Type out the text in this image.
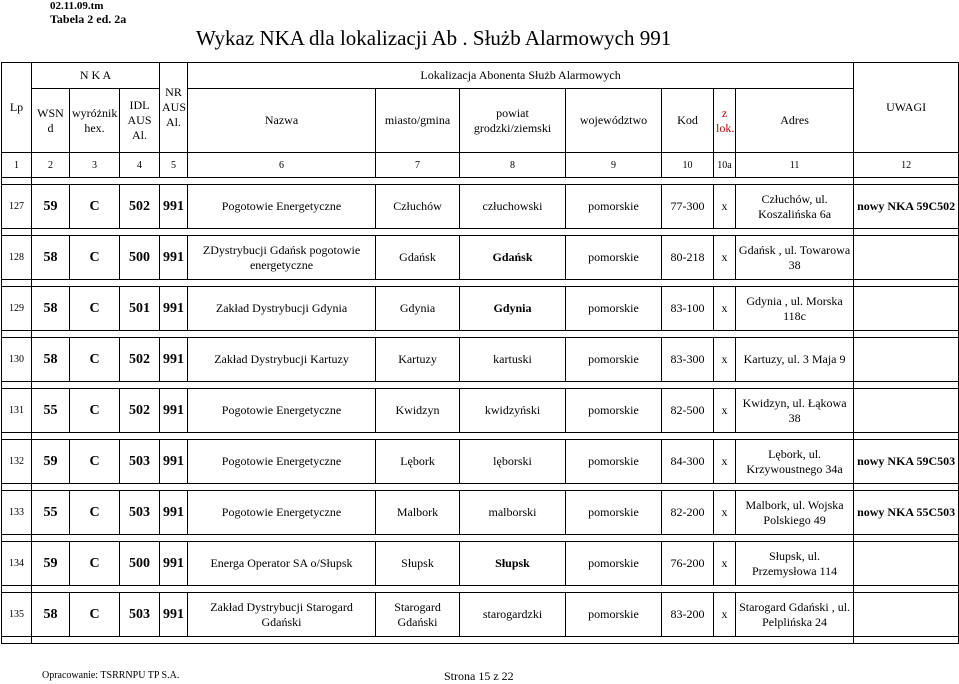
02.11.09.tm
Tabela 2 ed. 2a
Wykaz NKA dla lokalizacji Ab . Służb Alarmowych 991
Lp	N K A			NR AUS Al.	Lokalizacja Abonenta Służb Alarmowych							UWAGI
	WSN d	wyróżnik hex.	IDL AUS Al.		Nazwa	miasto/gmina	powiat grodzki/ziemski	województwo	Kod	z lok.	Adres	
1	2	3	4	5	6	7	8	9	10	10a	11	12

127	59	C	502	991	Pogotowie Energetyczne	Człuchów	człuchowski	pomorskie	77-300	x	Człuchów, ul. Koszalińska 6a	nowy NKA 59C502

128	58	C	500	991	ZDystrybucji Gdańsk pogotowie energetyczne	Gdańsk	Gdańsk	pomorskie	80-218	x	Gdańsk , ul. Towarowa 38	

129	58	C	501	991	Zakład Dystrybucji Gdynia	Gdynia	Gdynia	pomorskie	83-100	x	Gdynia , ul. Morska 118c	

130	58	C	502	991	Zakład Dystrybucji Kartuzy	Kartuzy	kartuski	pomorskie	83-300	x	Kartuzy, ul. 3 Maja 9	

131	55	C	502	991	Pogotowie Energetyczne	Kwidzyn	kwidzyński	pomorskie	82-500	x	Kwidzyn, ul. Łąkowa 38	

132	59	C	503	991	Pogotowie Energetyczne	Lębork	lęborski	pomorskie	84-300	x	Lębork, ul. Krzywoustnego 34a	nowy NKA 59C503

133	55	C	503	991	Pogotowie Energetyczne	Malbork	malborski	pomorskie	82-200	x	Malbork, ul. Wojska Polskiego 49	nowy NKA 55C503

134	59	C	500	991	Energa Operator SA o/Słupsk	Słupsk	Słupsk	pomorskie	76-200	x	Słupsk, ul. Przemysłowa 114	

135	58	C	503	991	Zakład Dystrybucji Starogard Gdański	Starogard Gdański	starogardzki	pomorskie	83-200	x	Starogard Gdański , ul. Pelplińska 24	

Opracowanie: TSRRNPU TP S.A.	Strona 15 z 22
